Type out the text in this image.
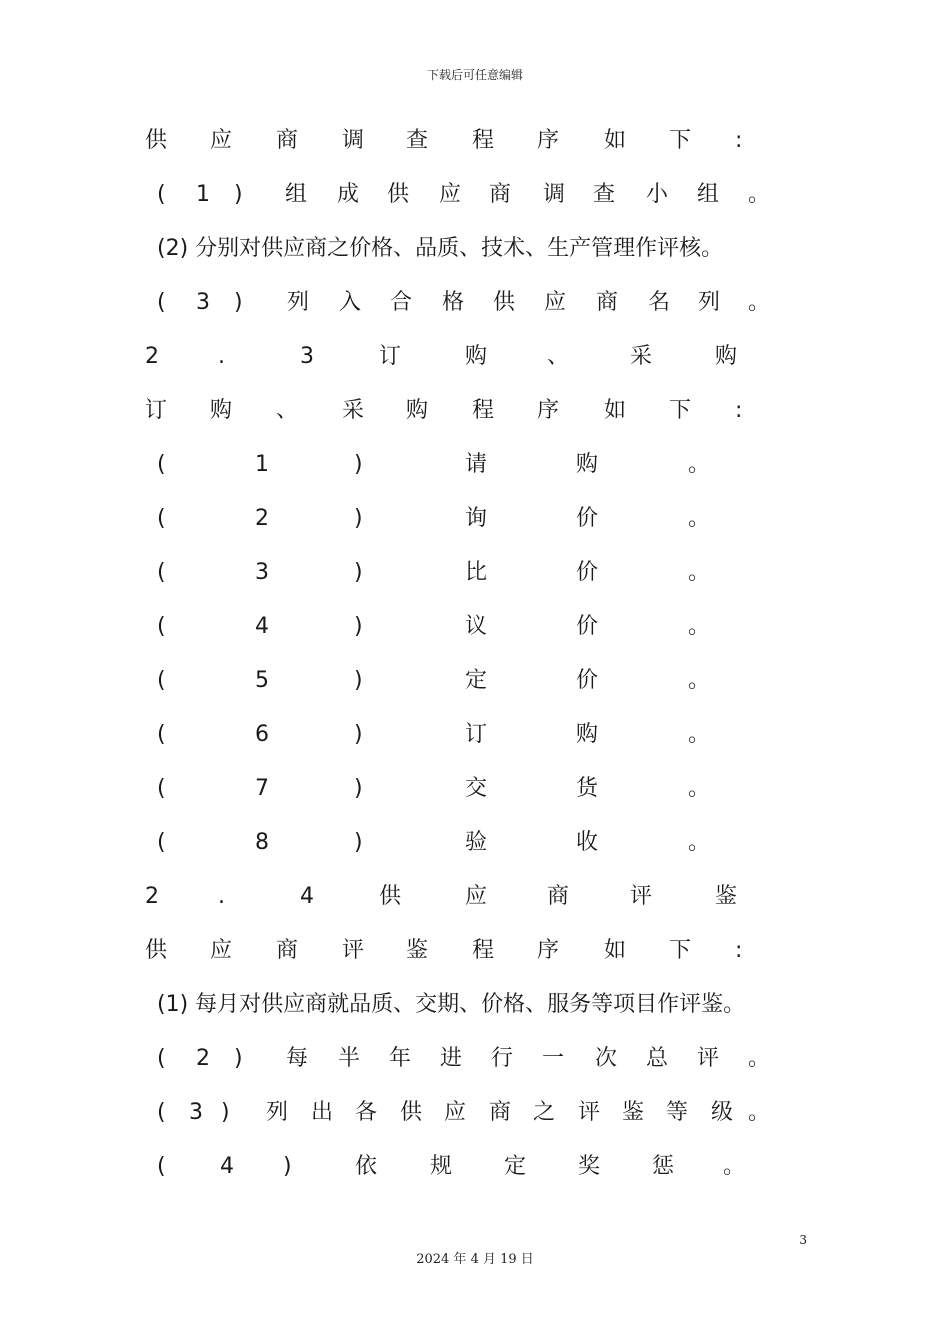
下载后可任意编辑
供 应 商 调 查 程 序 如 下 :
( 1 ) 组 成 供 应 商 调 查 小 组 。
(2) 分别对供应商之价格、品质、技术、生产管理作评核。
( 3 ) 列 入 合 格 供 应 商 名 列 。
2	.	3	订	购	、	采	购
订 购 、 采 购 程 序 如 下 :
(	1	)	请	购	。
(	2	)	询	价	。
(	3	)	比	价	。
(	4	)	议	价	。
(	5	)	定	价	。
(	6	)	订	购	。
(	7	)	交	货	。
(	8	)	验	收	。
2	.	4	供	应	商	评	鉴
供 应 商 评 鉴 程 序 如 下 :
(1) 每月对供应商就品质、交期、价格、服务等项目作评鉴。
( 2 ) 每 半 年 进 行 一 次 总 评 。
( 3 ) 列 出 各 供 应 商 之 评 鉴 等 级 。
( 4 )	依 规 定 奖 惩 。
3
2024 年 4 月 19 日
